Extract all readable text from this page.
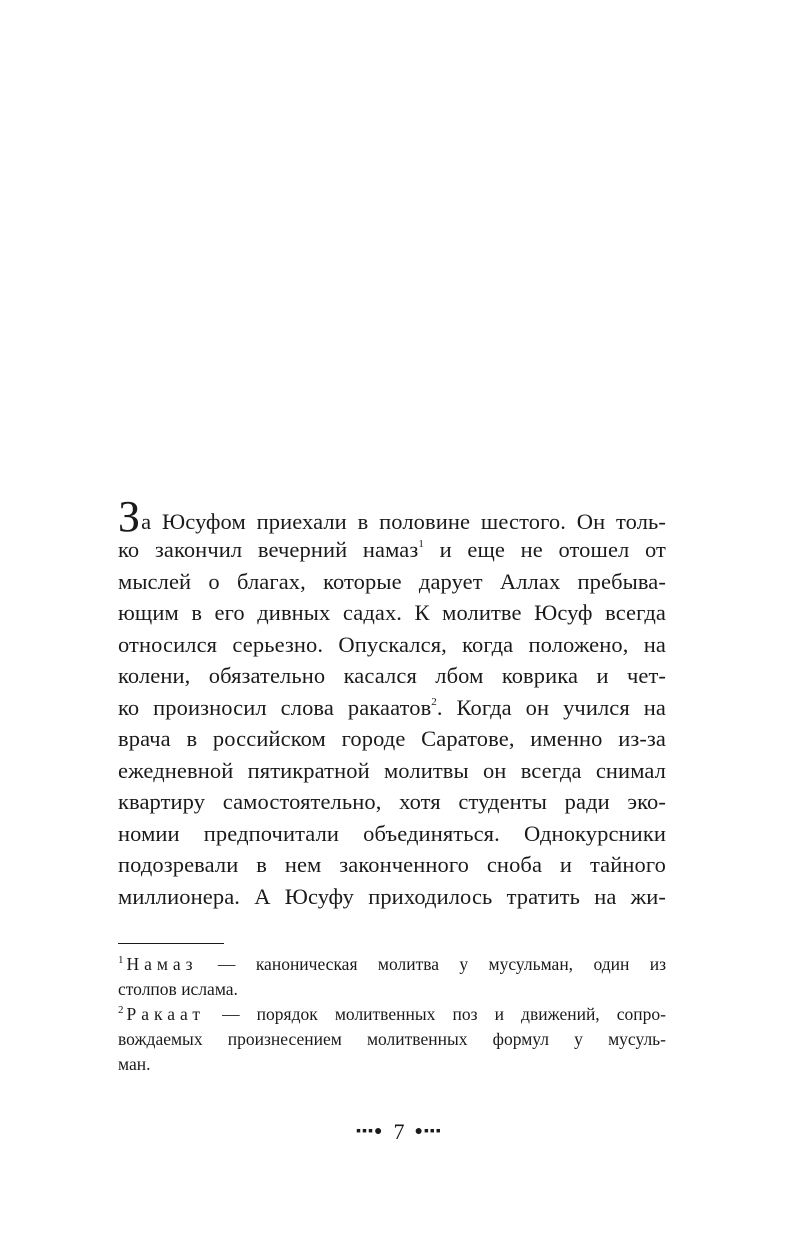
За Юсуфом приехали в половине шестого. Он толь-
ко закончил вечерний намаз$^1$ и еще не отошел от
мыслей о благах, которые дарует Аллах пребыва-
ющим в его дивных садах. К молитве Юсуф всегда
относился серьезно. Опускался, когда положено, на
колени, обязательно касался лбом коврика и чет-
ко произносил слова ракаатов$^2$. Когда он учился на
врача в российском городе Саратове, именно из-за
ежедневной пятикратной молитвы он всегда снимал
квартиру самостоятельно, хотя студенты ради эко-
номии предпочитали объединяться. Однокурсники
подозревали в нем законченного сноба и тайного
миллионера. А Юсуфу приходилось тратить на жи-
$^1$ Намаз — каноническая молитва у мусульман, один из
столпов ислама.
$^2$ Ракаат — порядок молитвенных поз и движений, сопро-
вождаемых произнесением молитвенных формул у мусуль-
ман.
▪▪▪● 7 ●▪▪▪
